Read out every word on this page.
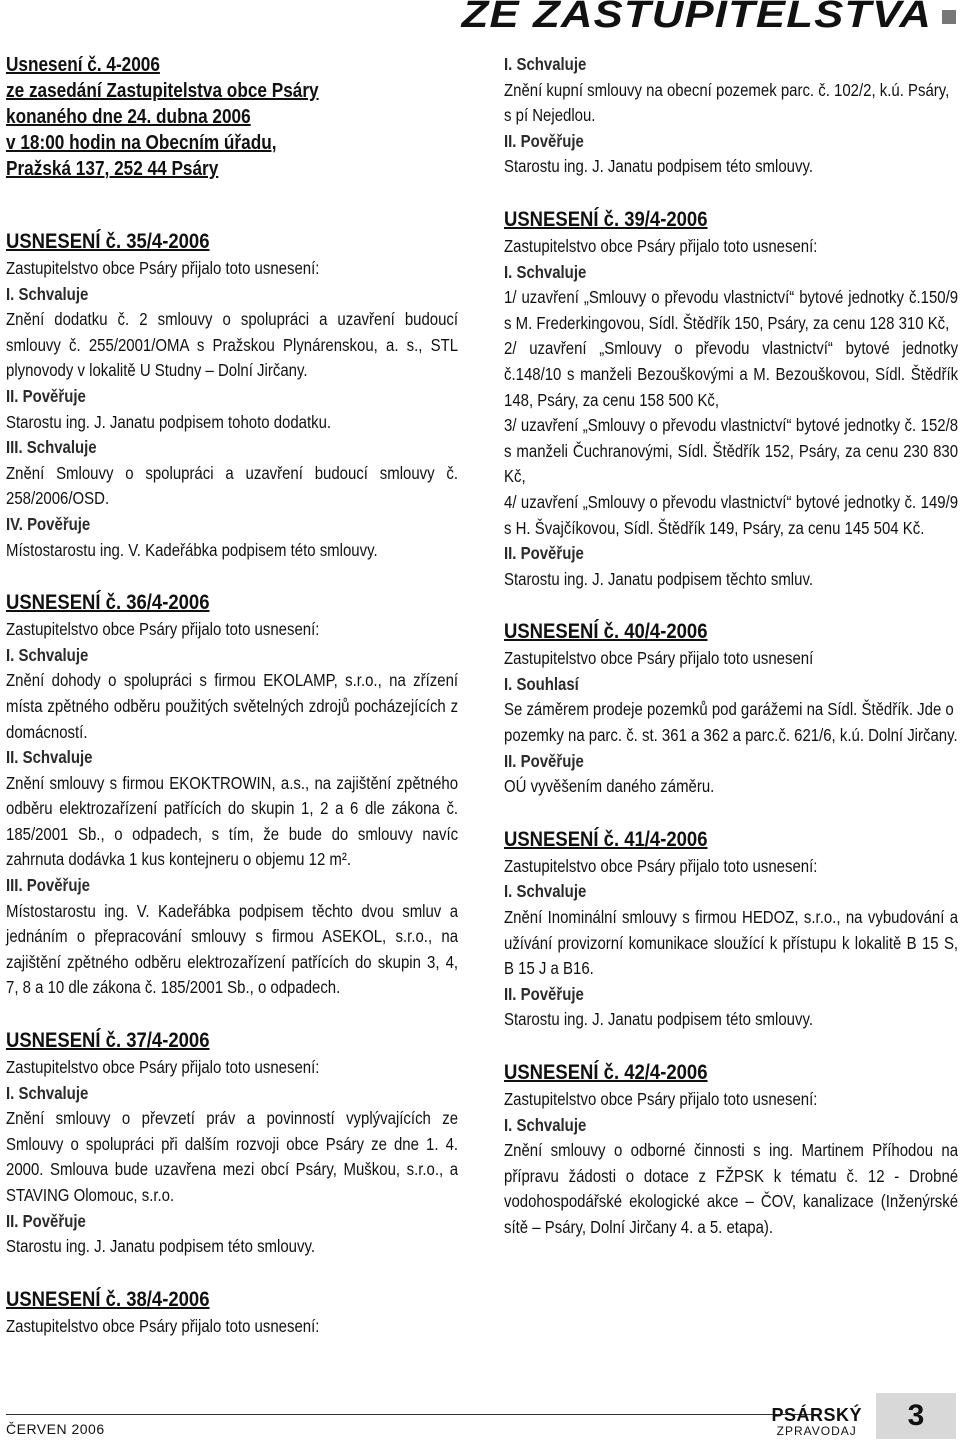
ZE ZASTUPITELSTVA
Usnesení č. 4-2006
ze zasedání Zastupitelstva obce Psáry
konaného dne 24. dubna 2006
v 18:00 hodin na Obecním úřadu,
Pražská 137, 252 44 Psáry
USNESENÍ č. 35/4-2006
Zastupitelstvo obce Psáry přijalo toto usnesení:
I. Schvaluje
Znění dodatku č. 2 smlouvy o spolupráci a uzavření budoucí smlouvy č. 255/2001/OMA s Pražskou Plynárenskou, a. s., STL plynovody v lokalitě U Studny – Dolní Jirčany.
II. Pověřuje
Starostu ing. J. Janatu podpisem tohoto dodatku.
III. Schvaluje
Znění Smlouvy o spolupráci a uzavření budoucí smlouvy č. 258/2006/OSD.
IV. Pověřuje
Místostarostu ing. V. Kadeřábka podpisem této smlouvy.
USNESENÍ č. 36/4-2006
Zastupitelstvo obce Psáry přijalo toto usnesení:
I. Schvaluje
Znění dohody o spolupráci s firmou EKOLAMP, s.r.o., na zřízení místa zpětného odběru použitých světelných zdrojů pocházejících z domácností.
II. Schvaluje
Znění smlouvy s firmou EKOKTROWIN, a.s., na zajištění zpětného odběru elektrozařízení patřících do skupin 1, 2 a 6 dle zákona č. 185/2001 Sb., o odpadech, s tím, že bude do smlouvy navíc zahrnuta dodávka 1 kus kontejneru o objemu 12 m².
III. Pověřuje
Místostarostu ing. V. Kadeřábka podpisem těchto dvou smluv a jednáním o přepracování smlouvy s firmou ASEKOL, s.r.o., na zajištění zpětného odběru elektrozařízení patřících do skupin 3, 4, 7, 8 a 10 dle zákona č. 185/2001 Sb., o odpadech.
USNESENÍ č. 37/4-2006
Zastupitelstvo obce Psáry přijalo toto usnesení:
I. Schvaluje
Znění smlouvy o převzetí práv a povinností vyplývajících ze Smlouvy o spolupráci při dalším rozvoji obce Psáry ze dne 1. 4. 2000. Smlouva bude uzavřena mezi obcí Psáry, Muškou, s.r.o., a STAVING Olomouc, s.r.o.
II. Pověřuje
Starostu ing. J. Janatu podpisem této smlouvy.
USNESENÍ č. 38/4-2006
Zastupitelstvo obce Psáry přijalo toto usnesení:
I. Schvaluje
Znění kupní smlouvy na obecní pozemek parc. č. 102/2, k.ú. Psáry, s pí Nejedlou.
II. Pověřuje
Starostu ing. J. Janatu podpisem této smlouvy.
USNESENÍ č. 39/4-2006
Zastupitelstvo obce Psáry přijalo toto usnesení:
I. Schvaluje
1/ uzavření „Smlouvy o převodu vlastnictví“ bytové jednotky č.150/9 s M. Frederkingovou, Sídl. Štědřík 150, Psáry, za cenu 128 310 Kč,
2/ uzavření „Smlouvy o převodu vlastnictví“ bytové jednotky č.148/10 s manželi Bezouškovými a M. Bezouškovou, Sídl. Štědřík 148, Psáry, za cenu 158 500 Kč,
3/ uzavření „Smlouvy o převodu vlastnictví“ bytové jednotky č. 152/8 s manželi Čuchranovými, Sídl. Štědřík 152, Psáry, za cenu 230 830 Kč,
4/ uzavření „Smlouvy o převodu vlastnictví“ bytové jednotky č. 149/9 s H. Švajčíkovou, Sídl. Štědřík 149, Psáry, za cenu 145 504 Kč.
II. Pověřuje
Starostu ing. J. Janatu podpisem těchto smluv.
USNESENÍ č. 40/4-2006
Zastupitelstvo obce Psáry přijalo toto usnesení
I. Souhlasí
Se záměrem prodeje pozemků pod garážemi na Sídl. Štědřík. Jde o pozemky na parc. č. st. 361 a 362 a parc.č. 621/6, k.ú. Dolní Jirčany.
II. Pověřuje
OÚ vyvěšením daného záměru.
USNESENÍ č. 41/4-2006
Zastupitelstvo obce Psáry přijalo toto usnesení:
I. Schvaluje
Znění Inominální smlouvy s firmou HEDOZ, s.r.o., na vybudování a užívání provizorní komunikace sloužící k přístupu k lokalitě B 15 S, B 15 J a B16.
II. Pověřuje
Starostu ing. J. Janatu podpisem této smlouvy.
USNESENÍ č. 42/4-2006
Zastupitelstvo obce Psáry přijalo toto usnesení:
I. Schvaluje
Znění smlouvy o odborné činnosti s ing. Martinem Příhodou na přípravu žádosti o dotace z FŽPSK k tématu č. 12 - Drobné vodohospodářské ekologické akce – ČOV, kanalizace (Inženýrské sítě – Psáry, Dolní Jirčany 4. a 5. etapa).
ČERVEN 2006
PSÁRSKÝ
ZPRAVODAJ	3
